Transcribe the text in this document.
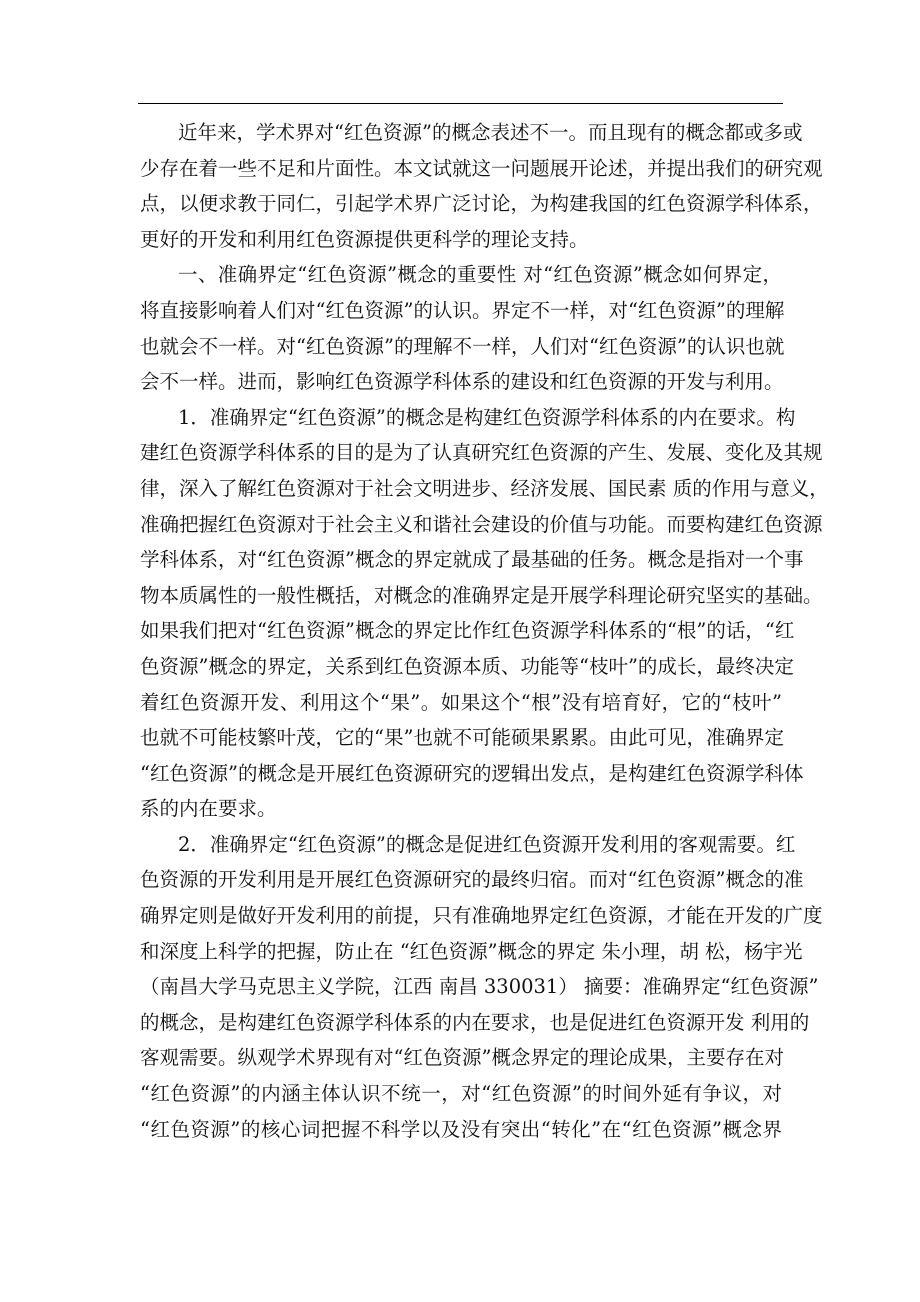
近年来，学术界对“红色资源”的概念表述不一。而且现有的概念都或多或
少存在着一些不足和片面性。本文试就这一问题展开论述，并提出我们的研究观
点，以便求教于同仁，引起学术界广泛讨论，为构建我国的红色资源学科体系，
更好的开发和利用红色资源提供更科学的理论支持。
一、准确界定“红色资源”概念的重要性 对“红色资源”概念如何界定，
将直接影响着人们对“红色资源”的认识。界定不一样，对“红色资源”的理解
也就会不一样。对“红色资源”的理解不一样，人们对“红色资源”的认识也就
会不一样。进而，影响红色资源学科体系的建设和红色资源的开发与利用。
1．准确界定“红色资源”的概念是构建红色资源学科体系的内在要求。构
建红色资源学科体系的目的是为了认真研究红色资源的产生、发展、变化及其规
律，深入了解红色资源对于社会文明进步、经济发展、国民素 质的作用与意义，
准确把握红色资源对于社会主义和谐社会建设的价值与功能。而要构建红色资源
学科体系，对“红色资源”概念的界定就成了最基础的任务。概念是指对一个事
物本质属性的一般性概括，对概念的准确界定是开展学科理论研究坚实的基础。
如果我们把对“红色资源”概念的界定比作红色资源学科体系的“根”的话，“红
色资源”概念的界定，关系到红色资源本质、功能等“枝叶”的成长，最终决定
着红色资源开发、利用这个“果”。如果这个“根”没有培育好，它的“枝叶”
也就不可能枝繁叶茂，它的“果”也就不可能硕果累累。由此可见，准确界定
“红色资源”的概念是开展红色资源研究的逻辑出发点，是构建红色资源学科体
系的内在要求。
2．准确界定“红色资源”的概念是促进红色资源开发利用的客观需要。红
色资源的开发利用是开展红色资源研究的最终归宿。而对“红色资源”概念的准
确界定则是做好开发利用的前提，只有准确地界定红色资源，才能在开发的广度
和深度上科学的把握，防止在 “红色资源”概念的界定 朱小理，胡 松，杨宇光
（南昌大学马克思主义学院，江西 南昌 330031） 摘要：准确界定“红色资源”
的概念，是构建红色资源学科体系的内在要求，也是促进红色资源开发 利用的
客观需要。纵观学术界现有对“红色资源”概念界定的理论成果，主要存在对
“红色资源”的内涵主体认识不统一，对“红色资源”的时间外延有争议，对
“红色资源”的核心词把握不科学以及没有突出“转化”在“红色资源”概念界
